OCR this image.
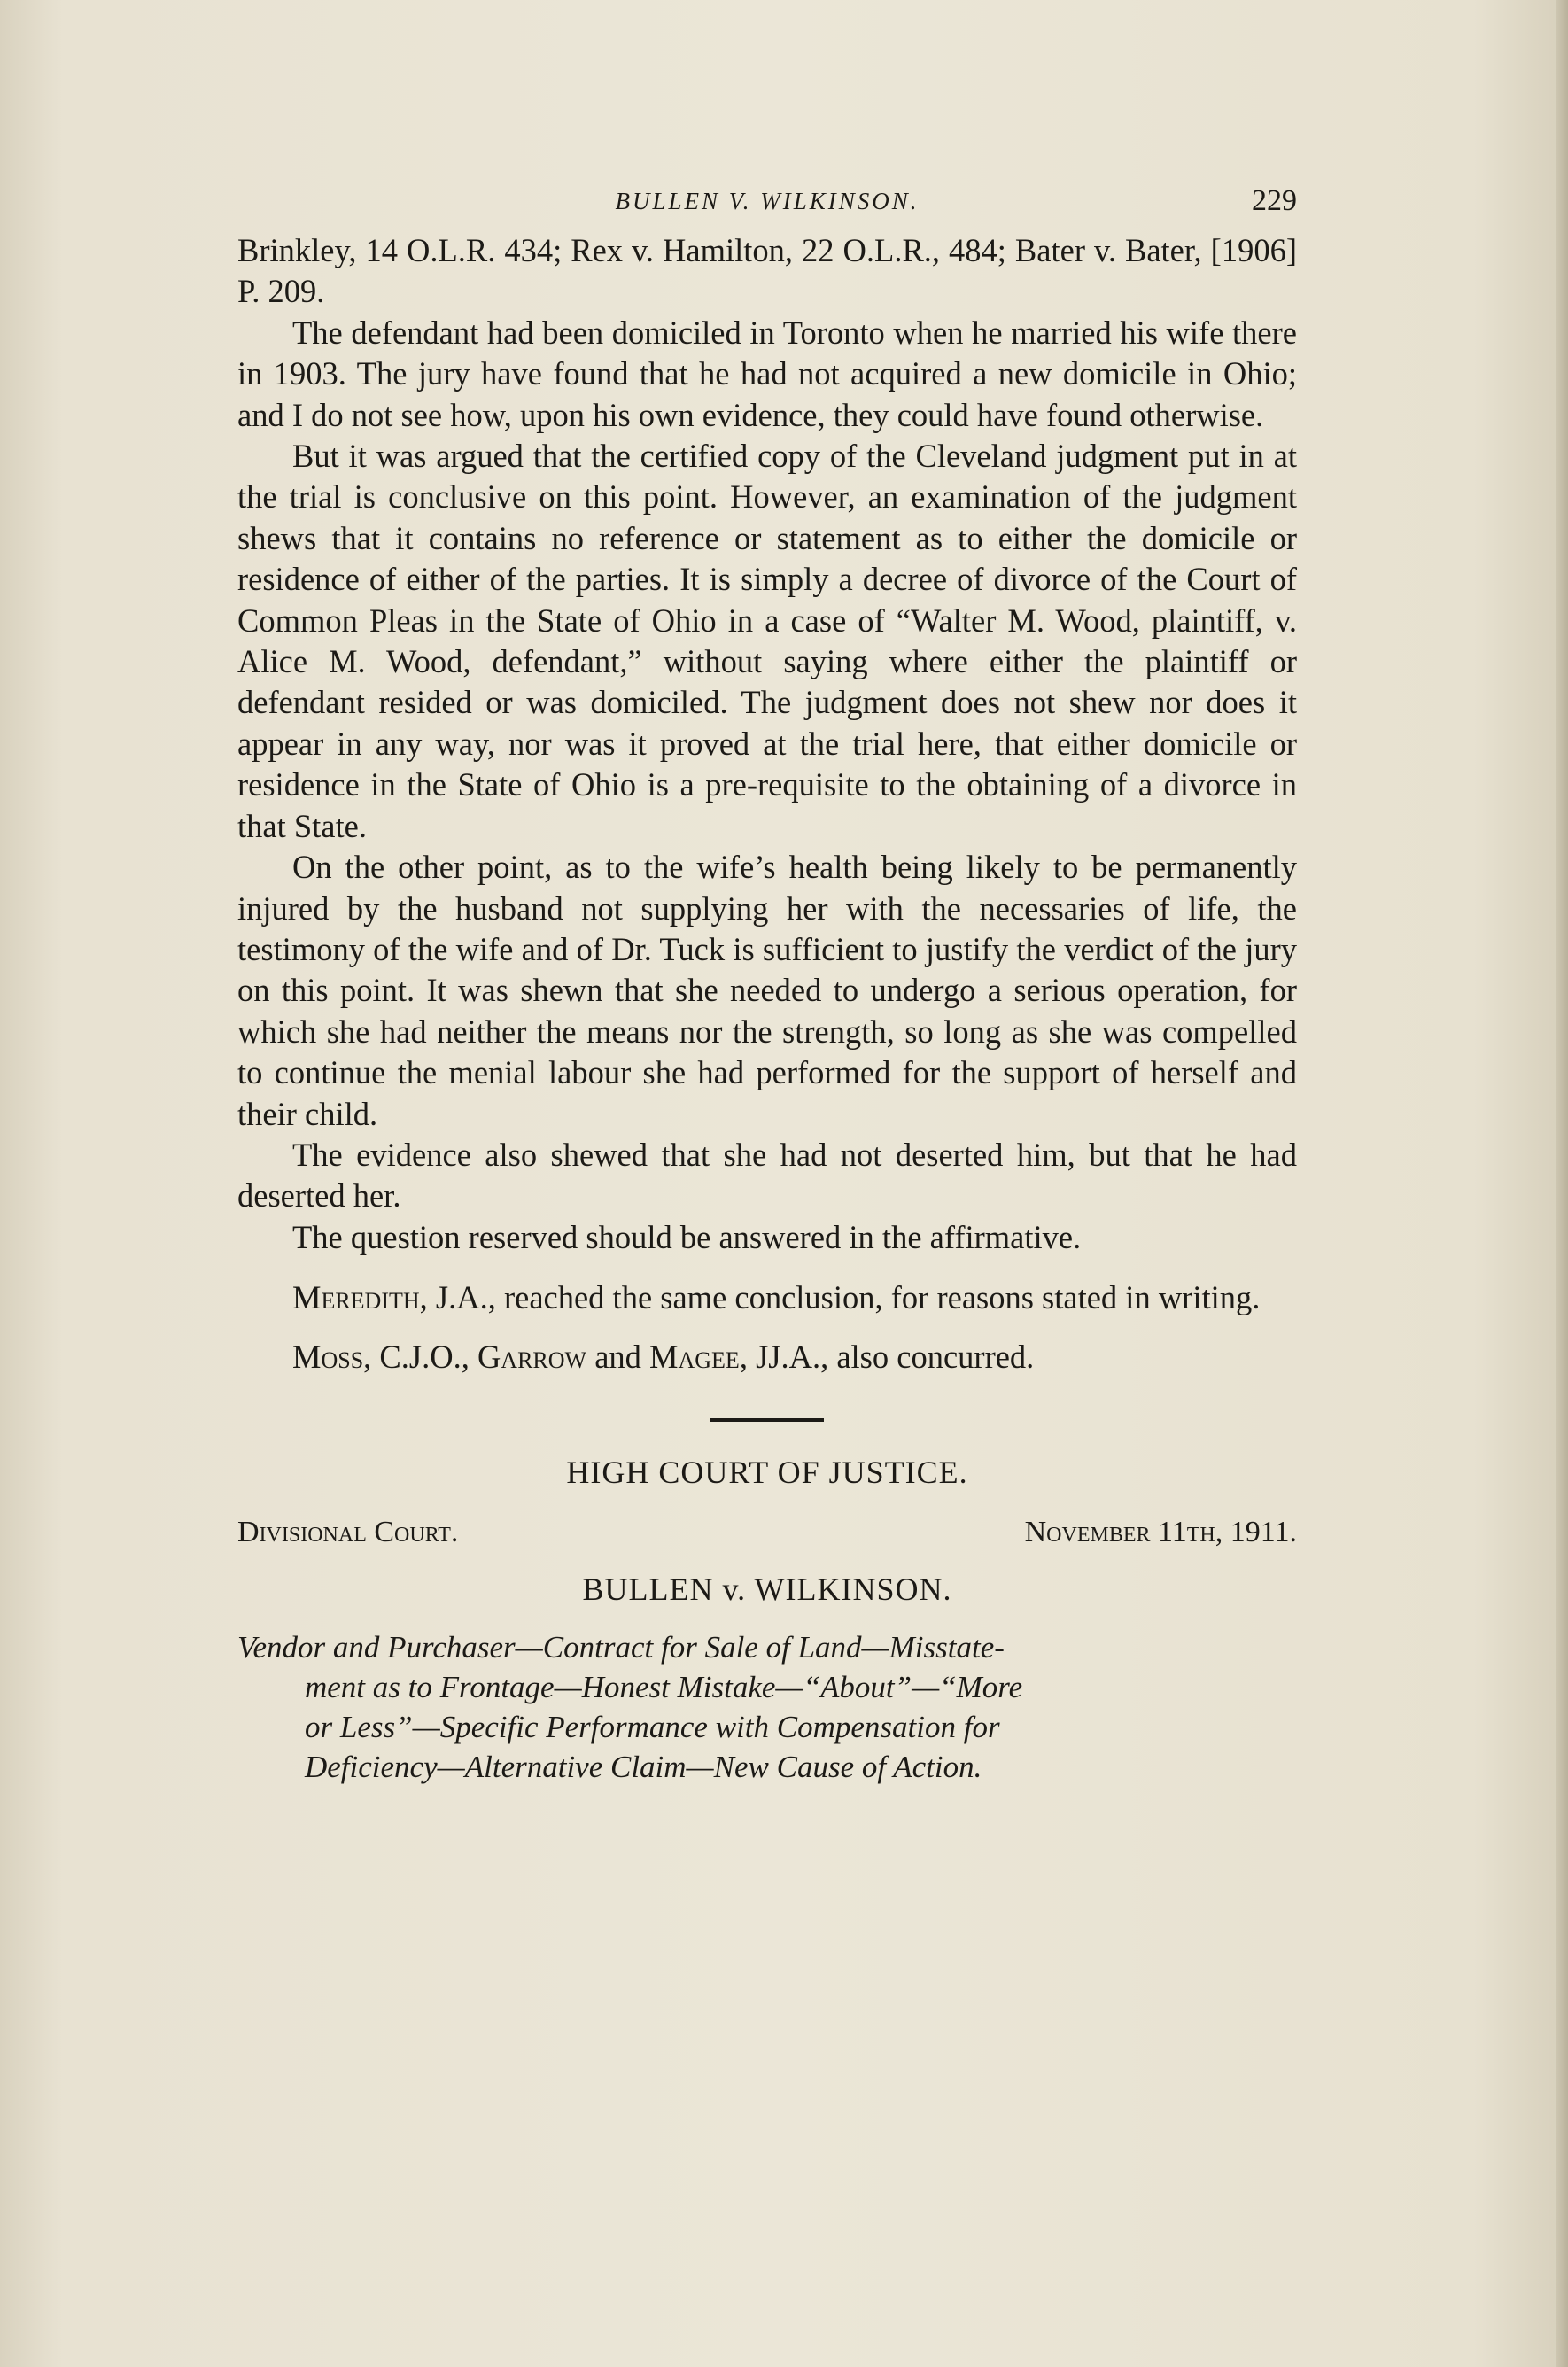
BULLEN V. WILKINSON.	229

Brinkley, 14 O.L.R. 434; Rex v. Hamilton, 22 O.L.R., 484; Bater v. Bater, [1906] P. 209.

The defendant had been domiciled in Toronto when he married his wife there in 1903. The jury have found that he had not acquired a new domicile in Ohio; and I do not see how, upon his own evidence, they could have found otherwise.

But it was argued that the certified copy of the Cleveland judgment put in at the trial is conclusive on this point. However, an examination of the judgment shews that it contains no reference or statement as to either the domicile or residence of either of the parties. It is simply a decree of divorce of the Court of Common Pleas in the State of Ohio in a case of “Walter M. Wood, plaintiff, v. Alice M. Wood, defendant,” without saying where either the plaintiff or defendant resided or was domiciled. The judgment does not shew nor does it appear in any way, nor was it proved at the trial here, that either domicile or residence in the State of Ohio is a pre-requisite to the obtaining of a divorce in that State.

On the other point, as to the wife’s health being likely to be permanently injured by the husband not supplying her with the necessaries of life, the testimony of the wife and of Dr. Tuck is sufficient to justify the verdict of the jury on this point. It was shewn that she needed to undergo a serious operation, for which she had neither the means nor the strength, so long as she was compelled to continue the menial labour she had performed for the support of herself and their child.

The evidence also shewed that she had not deserted him, but that he had deserted her.

The question reserved should be answered in the affirmative.

Meredith, J.A., reached the same conclusion, for reasons stated in writing.

Moss, C.J.O., Garrow and Magee, JJ.A., also concurred.

HIGH COURT OF JUSTICE.
Divisional Court.	November 11th, 1911.
BULLEN v. WILKINSON.
Vendor and Purchaser—Contract for Sale of Land—Misstate-
ment as to Frontage—Honest Mistake—“About”—“More
or Less”—Specific Performance with Compensation for
Deficiency—Alternative Claim—New Cause of Action.
